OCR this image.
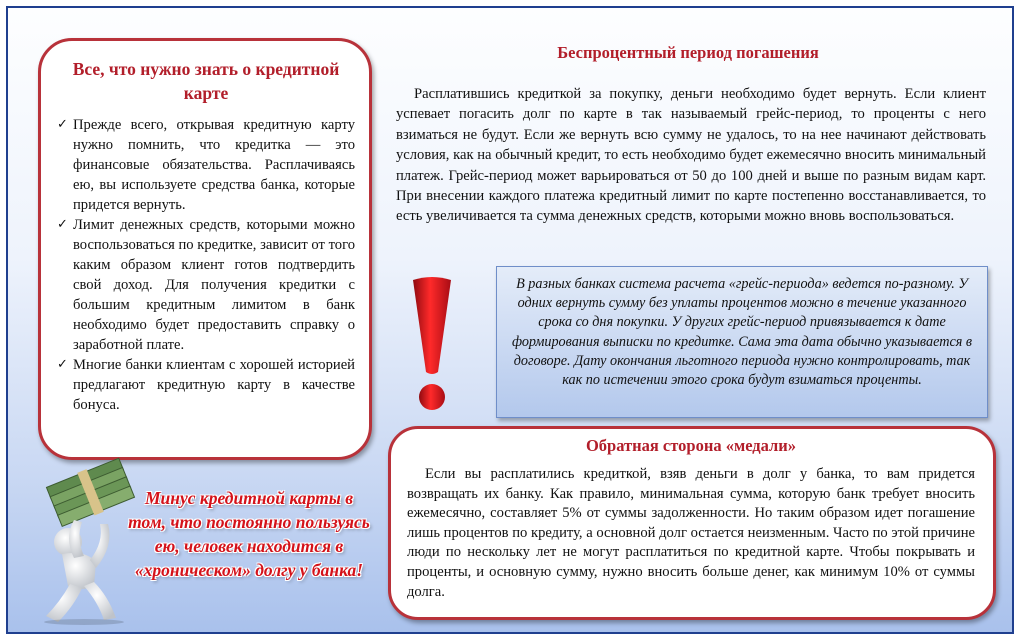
Все, что нужно знать о кредитной карте
✓ Прежде всего, открывая кредитную карту нужно помнить, что кредитка — это финансовые обязательства. Расплачиваясь ею, вы используете средства банка, которые придется вернуть.
✓ Лимит денежных средств, которыми можно воспользоваться по кредитке, зависит от того каким образом клиент готов подтвердить свой доход. Для получения кредитки с большим кредитным лимитом в банк необходимо будет предоставить справку о заработной плате.
✓ Многие банки клиентам с хорошей историей предлагают кредитную карту в качестве бонуса.
Беспроцентный период погашения
Расплатившись кредиткой за покупку, деньги необходимо будет вернуть. Если клиент успевает погасить долг по карте в так называемый грейс-период, то проценты с него взиматься не будут. Если же вернуть всю сумму не удалось, то на нее начинают действовать условия, как на обычный кредит, то есть необходимо будет ежемесячно вносить минимальный платеж. Грейс-период может варьироваться от 50 до 100 дней и выше по разным видам карт. При внесении каждого платежа кредитный лимит по карте постепенно восстанавливается, то есть увеличивается та сумма денежных средств, которыми можно вновь воспользоваться.
В разных банках система расчета «грейс-периода» ведется по-разному. У одних вернуть сумму без уплаты процентов можно в течение указанного срока со дня покупки. У других грейс-период привязывается к дате формирования выписки по кредитке. Сама эта дата обычно указывается в договоре. Дату окончания льготного периода нужно контролировать, так как по истечении этого срока будут взиматься проценты.
Обратная сторона «медали»
Если вы расплатились кредиткой, взяв деньги в долг у банка, то вам придется возвращать их банку. Как правило, минимальная сумма, которую банк требует вносить ежемесячно, составляет 5% от суммы задолженности. Но таким образом идет погашение лишь процентов по кредиту, а основной долг остается неизменным. Часто по этой причине люди по нескольку лет не могут расплатиться по кредитной карте. Чтобы покрывать и проценты, и основную сумму, нужно вносить больше денег, как минимум 10% от суммы долга.
Минус кредитной карты в том, что постоянно пользуясь ею, человек находится в «хроническом» долгу у банка!
